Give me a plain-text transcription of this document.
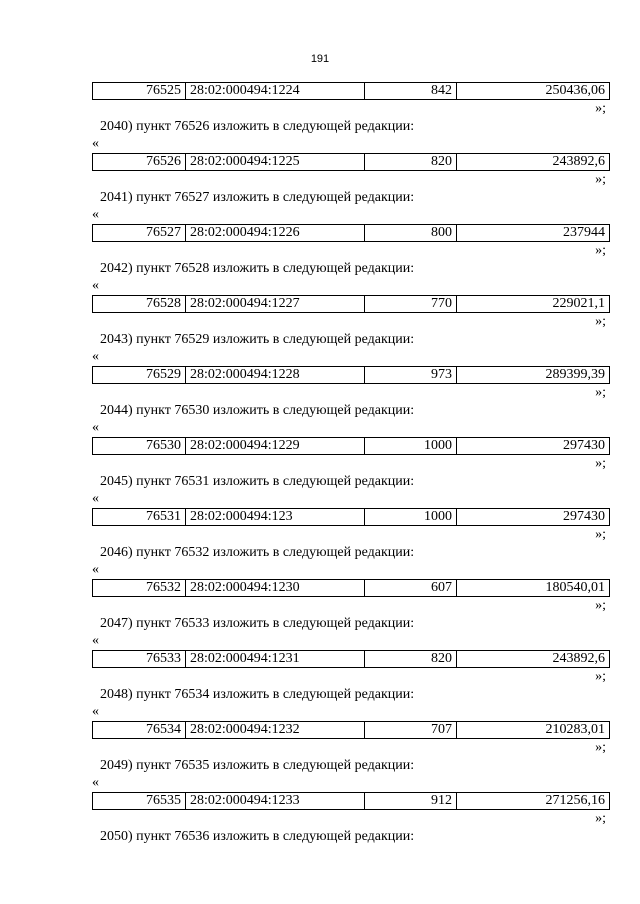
191
76525	28:02:000494:1224	842	250436,06
»;
2040) пункт 76526 изложить в следующей редакции:
«
76526	28:02:000494:1225	820	243892,6
»;
2041) пункт 76527 изложить в следующей редакции:
«
76527	28:02:000494:1226	800	237944
»;
2042) пункт 76528 изложить в следующей редакции:
«
76528	28:02:000494:1227	770	229021,1
»;
2043) пункт 76529 изложить в следующей редакции:
«
76529	28:02:000494:1228	973	289399,39
»;
2044) пункт 76530 изложить в следующей редакции:
«
76530	28:02:000494:1229	1000	297430
»;
2045) пункт 76531 изложить в следующей редакции:
«
76531	28:02:000494:123	1000	297430
»;
2046) пункт 76532 изложить в следующей редакции:
«
76532	28:02:000494:1230	607	180540,01
»;
2047) пункт 76533 изложить в следующей редакции:
«
76533	28:02:000494:1231	820	243892,6
»;
2048) пункт 76534 изложить в следующей редакции:
«
76534	28:02:000494:1232	707	210283,01
»;
2049) пункт 76535 изложить в следующей редакции:
«
76535	28:02:000494:1233	912	271256,16
»;
2050) пункт 76536 изложить в следующей редакции:
